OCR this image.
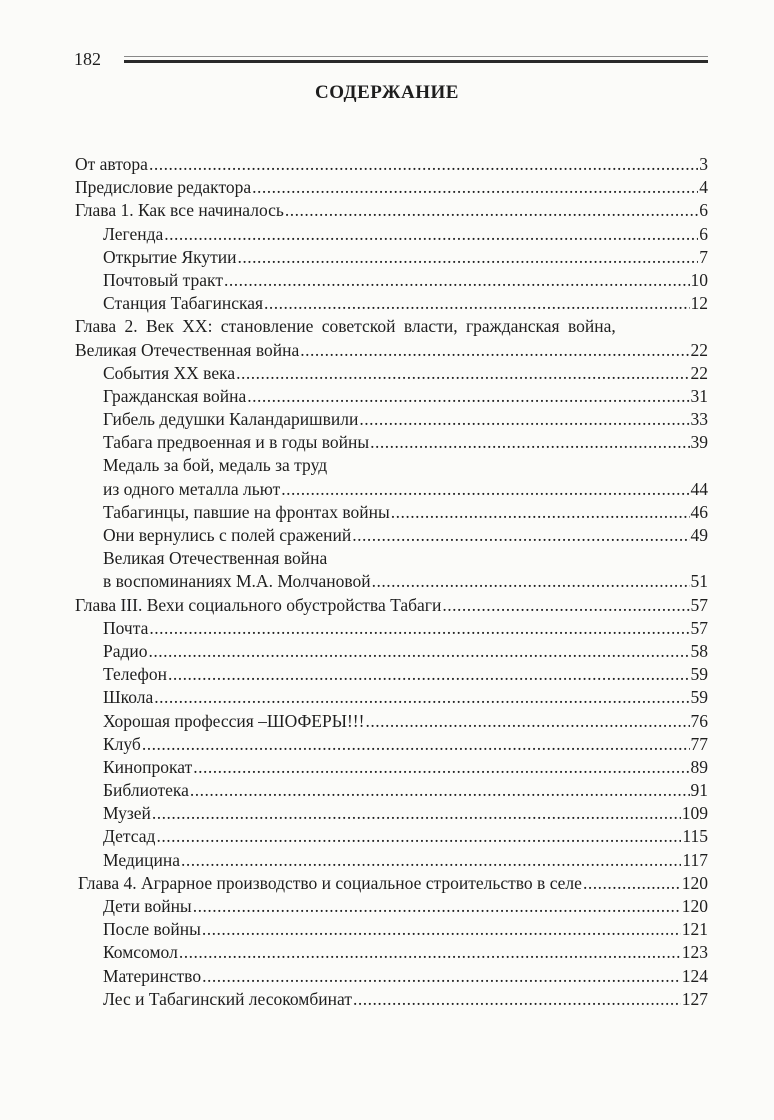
182
СОДЕРЖАНИЕ
От автора .....	3
Предисловие редактора .....	4
Глава 1. Как все начиналось .....	6
Легенда .....	6
Открытие Якутии .....	7
Почтовый тракт .....	10
Станция Табагинская .....	12
Глава 2. Век XX: становление советской власти, гражданская война,
Великая Отечественная война .....	22
События XX века .....	22
Гражданская война .....	31
Гибель дедушки Каландаришвили .....	33
Табага предвоенная и в годы войны .....	39
Медаль за бой, медаль за труд
из одного металла льют .....	44
Табагинцы, павшие на фронтах войны .....	46
Они вернулись с полей сражений .....	49
Великая Отечественная война
в воспоминаниях М.А. Молчановой .....	51
Глава III. Вехи социального обустройства Табаги .....	57
Почта .....	57
Радио .....	58
Телефон .....	59
Школа .....	59
Хорошая профессия –ШОФЕРЫ!!! .....	76
Клуб .....	77
Кинопрокат .....	89
Библиотека .....	91
Музей .....	109
Детсад .....	115
Медицина .....	117
Глава 4. Аграрное производство и социальное строительство в селе .....	120
Дети войны .....	120
После войны .....	121
Комсомол .....	123
Материнство .....	124
Лес и Табагинский лесокомбинат .....	127
